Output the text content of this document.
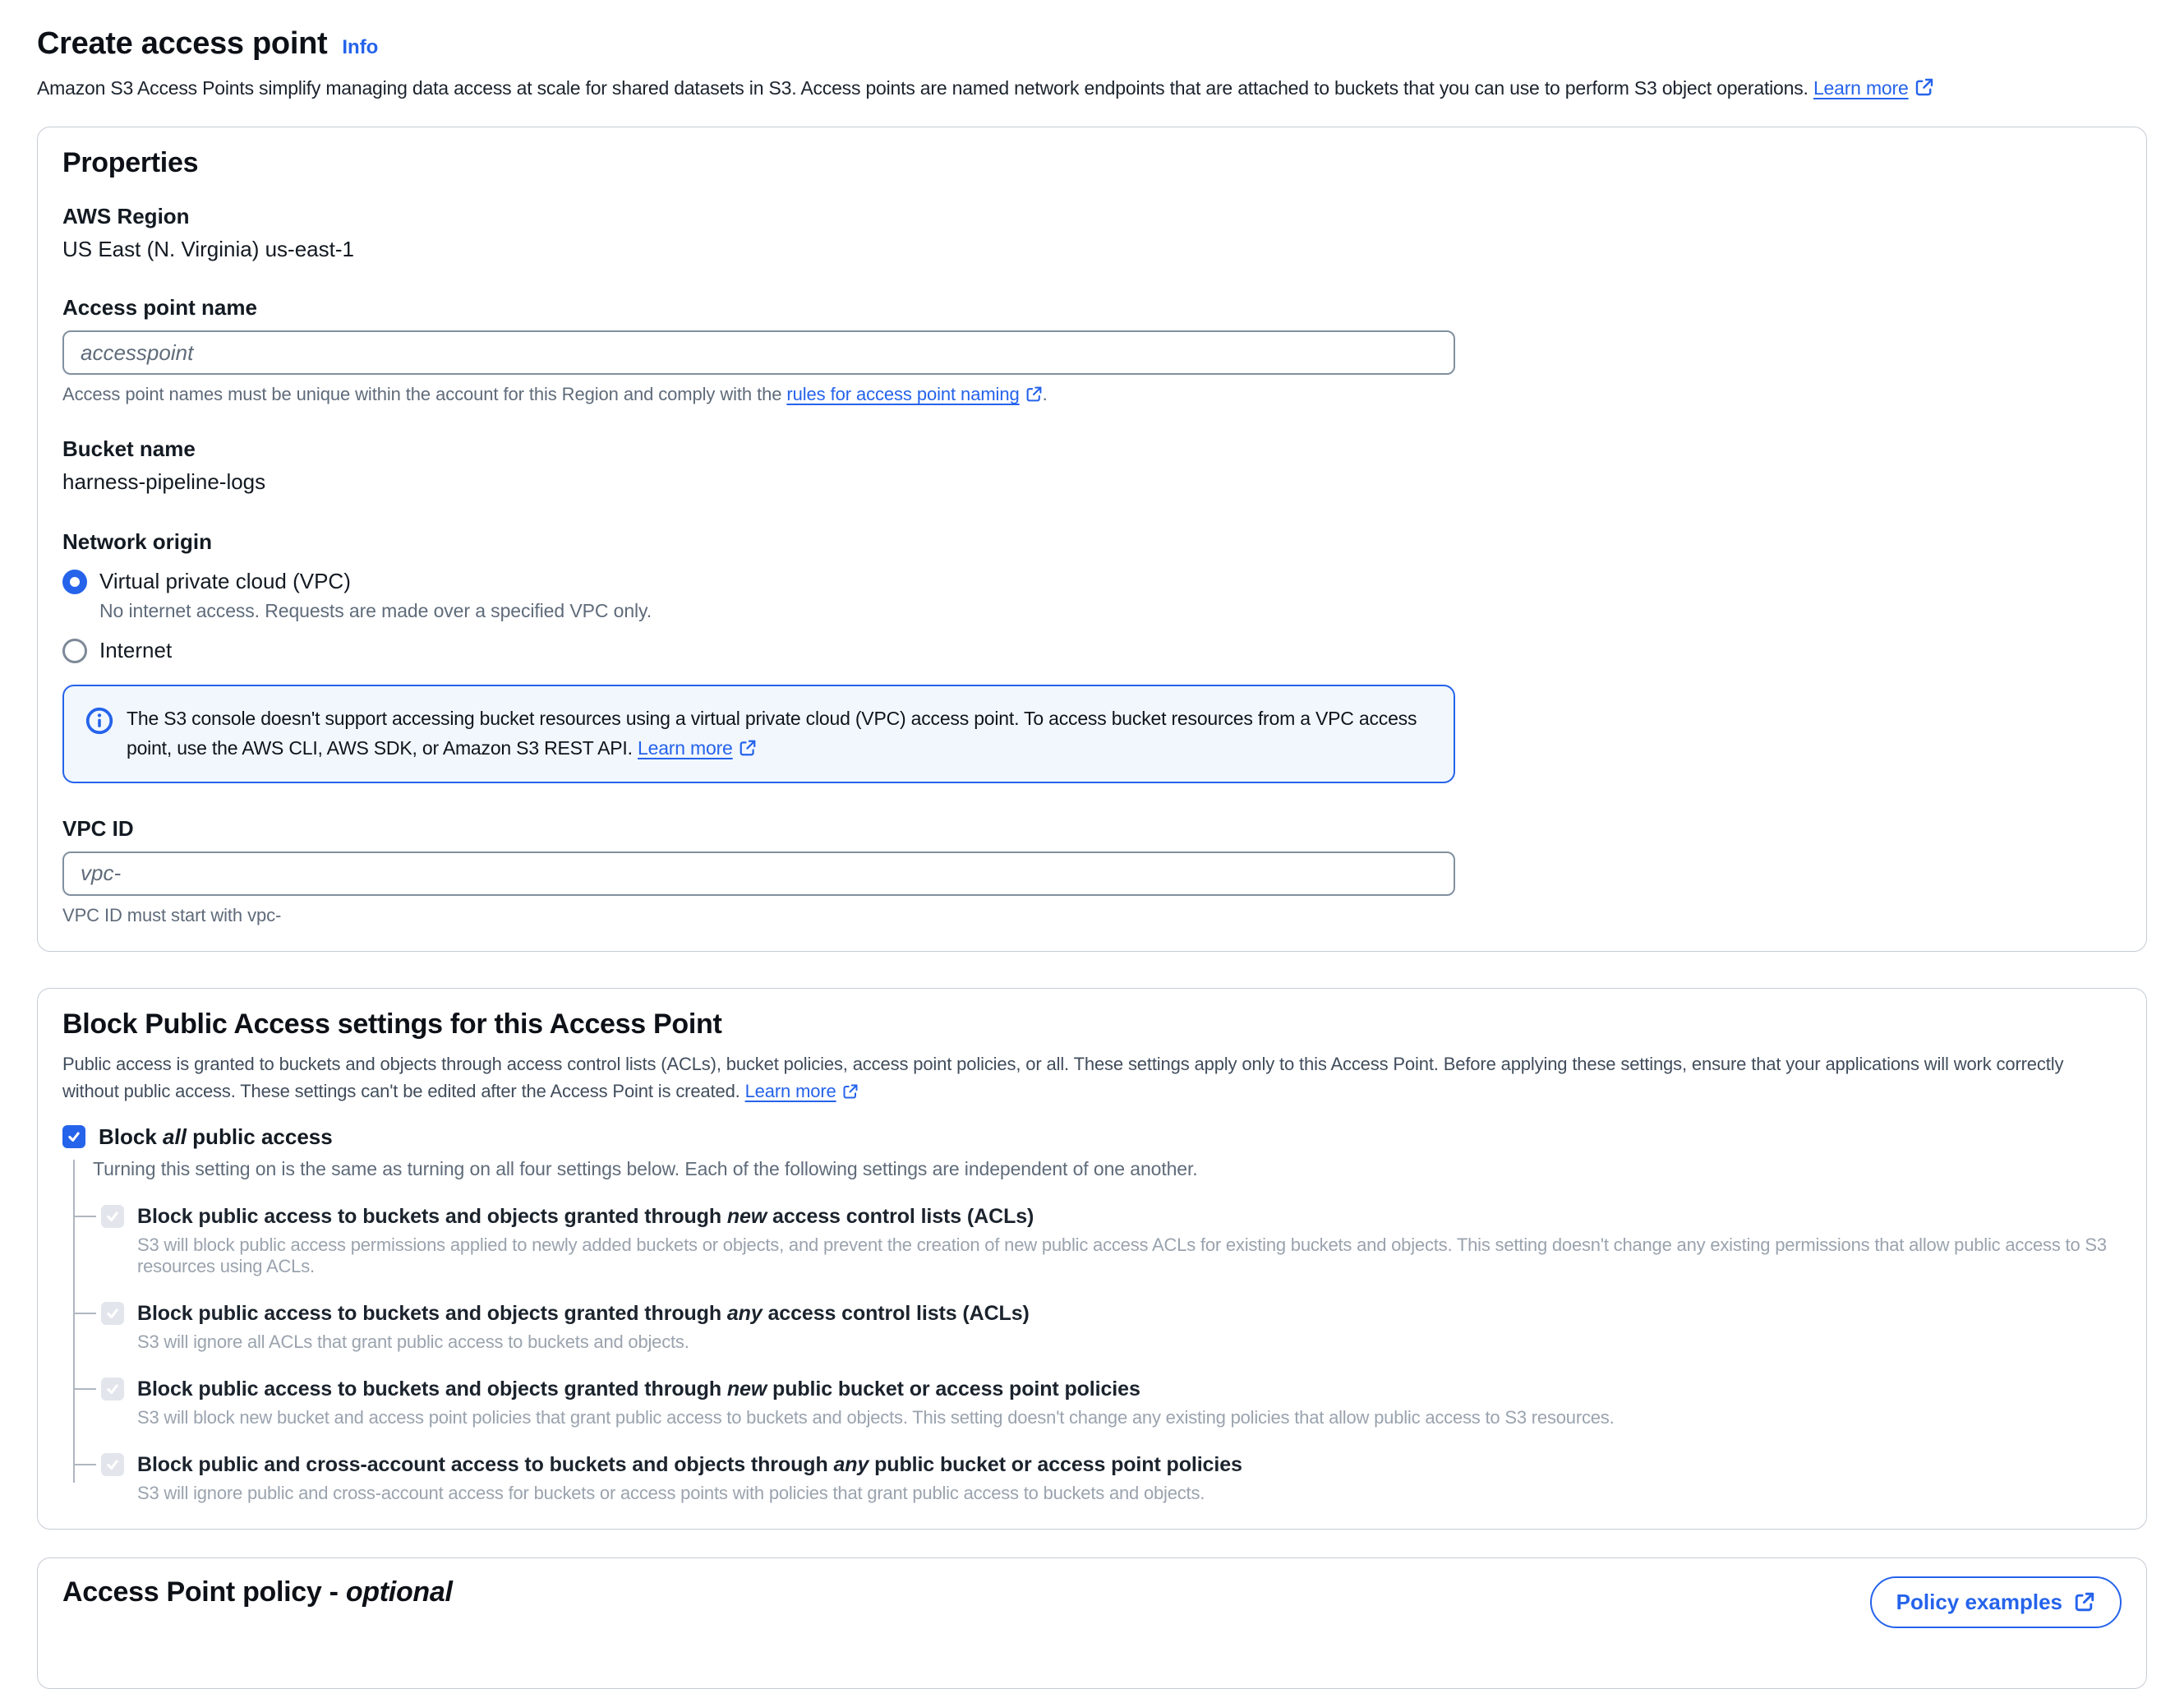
Create access point Info

Amazon S3 Access Points simplify managing data access at scale for shared datasets in S3. Access points are named network endpoints that are attached to buckets that you can use to perform S3 object operations. Learn more

Properties
AWS Region
US East (N. Virginia) us-east-1
Access point name
accesspoint
Access point names must be unique within the account for this Region and comply with the rules for access point naming .
Bucket name
harness-pipeline-logs
Network origin
Virtual private cloud (VPC)
No internet access. Requests are made over a specified VPC only.
Internet
The S3 console doesn't support accessing bucket resources using a virtual private cloud (VPC) access point. To access bucket resources from a VPC access point, use the AWS CLI, AWS SDK, or Amazon S3 REST API. Learn more
VPC ID
vpc-
VPC ID must start with vpc-
Block Public Access settings for this Access Point

Public access is granted to buckets and objects through access control lists (ACLs), bucket policies, access point policies, or all. These settings apply only to this Access Point. Before applying these settings, ensure that your applications will work correctly without public access. These settings can't be edited after the Access Point is created. Learn more

Block all public access
Turning this setting on is the same as turning on all four settings below. Each of the following settings are independent of one another.
Block public access to buckets and objects granted through new access control lists (ACLs)
S3 will block public access permissions applied to newly added buckets or objects, and prevent the creation of new public access ACLs for existing buckets and objects. This setting doesn't change any existing permissions that allow public access to S3 resources using ACLs.
Block public access to buckets and objects granted through any access control lists (ACLs)
S3 will ignore all ACLs that grant public access to buckets and objects.
Block public access to buckets and objects granted through new public bucket or access point policies
S3 will block new bucket and access point policies that grant public access to buckets and objects. This setting doesn't change any existing policies that allow public access to S3 resources.
Block public and cross-account access to buckets and objects through any public bucket or access point policies
S3 will ignore public and cross-account access for buckets or access points with policies that grant public access to buckets and objects.
Access Point policy - optional	Policy examples
